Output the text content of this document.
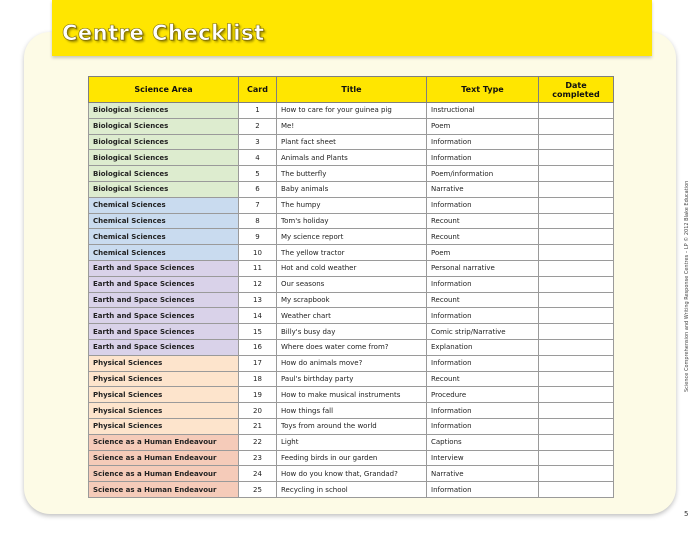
Centre Checklist
Science Area	Card	Title	Text Type	Date completed
Biological Sciences	1	How to care for your guinea pig	Instructional	
Biological Sciences	2	Me!	Poem	
Biological Sciences	3	Plant fact sheet	Information	
Biological Sciences	4	Animals and Plants	Information	
Biological Sciences	5	The butterfly	Poem/information	
Biological Sciences	6	Baby animals	Narrative	
Chemical Sciences	7	The humpy	Information	
Chemical Sciences	8	Tom's holiday	Recount	
Chemical Sciences	9	My science report	Recount	
Chemical Sciences	10	The yellow tractor	Poem	
Earth and Space Sciences	11	Hot and cold weather	Personal narrative	
Earth and Space Sciences	12	Our seasons	Information	
Earth and Space Sciences	13	My scrapbook	Recount	
Earth and Space Sciences	14	Weather chart	Information	
Earth and Space Sciences	15	Billy's busy day	Comic strip/Narrative	
Earth and Space Sciences	16	Where does water come from?	Explanation	
Physical Sciences	17	How do animals move?	Information	
Physical Sciences	18	Paul's birthday party	Recount	
Physical Sciences	19	How to make musical instruments	Procedure	
Physical Sciences	20	How things fall	Information	
Physical Sciences	21	Toys from around the world	Information	
Science as a Human Endeavour	22	Light	Captions	
Science as a Human Endeavour	23	Feeding birds in our garden	Interview	
Science as a Human Endeavour	24	How do you know that, Grandad?	Narrative	
Science as a Human Endeavour	25	Recycling in school	Information	
Science Comprehension and Writing Response Centres – LP © 2012 Blake Education
5
